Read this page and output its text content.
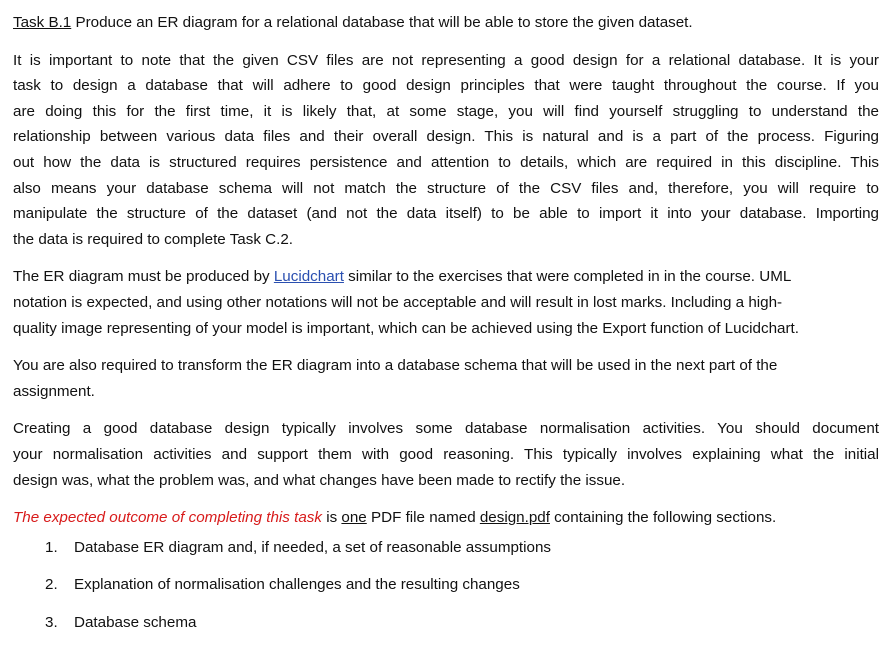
Task B.1 Produce an ER diagram for a relational database that will be able to store the given dataset.
It is important to note that the given CSV files are not representing a good design for a relational database. It is your
task to design a database that will adhere to good design principles that were taught throughout the course. If you
are doing this for the first time, it is likely that, at some stage, you will find yourself struggling to understand the
relationship between various data files and their overall design. This is natural and is a part of the process. Figuring
out how the data is structured requires persistence and attention to details, which are required in this discipline. This
also means your database schema will not match the structure of the CSV files and, therefore, you will require to
manipulate the structure of the dataset (and not the data itself) to be able to import it into your database. Importing
the data is required to complete Task C.2.
The ER diagram must be produced by Lucidchart similar to the exercises that were completed in in the course. UML
notation is expected, and using other notations will not be acceptable and will result in lost marks. Including a high-
quality image representing of your model is important, which can be achieved using the Export function of Lucidchart.
You are also required to transform the ER diagram into a database schema that will be used in the next part of the
assignment.
Creating a good database design typically involves some database normalisation activities. You should document
your normalisation activities and support them with good reasoning. This typically involves explaining what the initial
design was, what the problem was, and what changes have been made to rectify the issue.
The expected outcome of completing this task is one PDF file named design.pdf containing the following sections.
1. Database ER diagram and, if needed, a set of reasonable assumptions
2. Explanation of normalisation challenges and the resulting changes
3. Database schema
